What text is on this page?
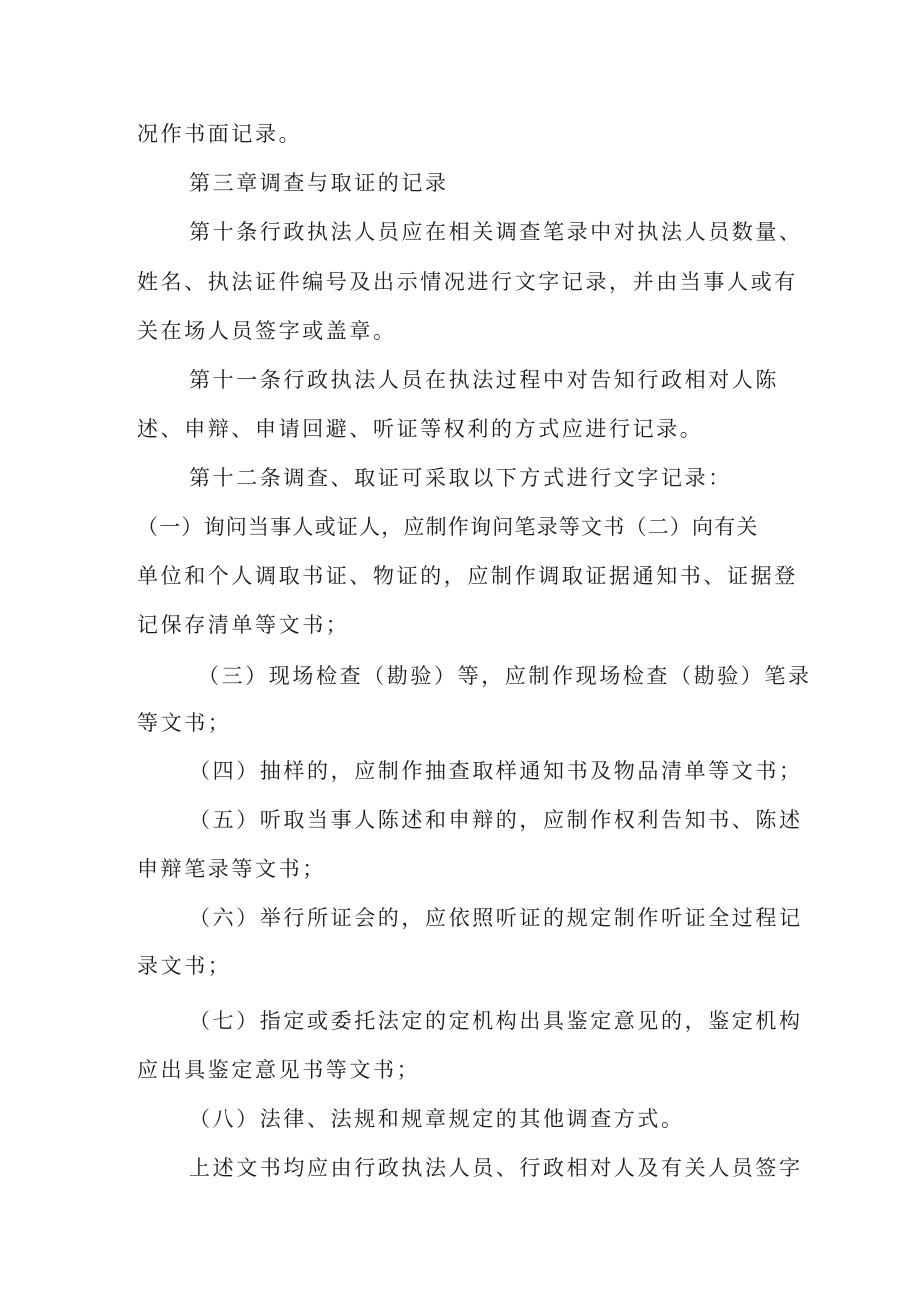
况作书面记录。
第三章调查与取证的记录
第十条行政执法人员应在相关调查笔录中对执法人员数量、
姓名、执法证件编号及出示情况进行文字记录，并由当事人或有
关在场人员签字或盖章。
第十一条行政执法人员在执法过程中对告知行政相对人陈
述、申辩、申请回避、听证等权利的方式应进行记录。
第十二条调查、取证可采取以下方式进行文字记录：
（一）询问当事人或证人，应制作询问笔录等文书（二）向有关
单位和个人调取书证、物证的，应制作调取证据通知书、证据登
记保存清单等文书；
（三）现场检查（勘验）等，应制作现场检查（勘验）笔录
等文书；
（四）抽样的，应制作抽查取样通知书及物品清单等文书；
（五）听取当事人陈述和申辩的，应制作权利告知书、陈述
申辩笔录等文书；
（六）举行所证会的，应依照听证的规定制作听证全过程记
录文书；
（七）指定或委托法定的定机构出具鉴定意见的，鉴定机构
应出具鉴定意见书等文书；
（八）法律、法规和规章规定的其他调查方式。
上述文书均应由行政执法人员、行政相对人及有关人员签字
